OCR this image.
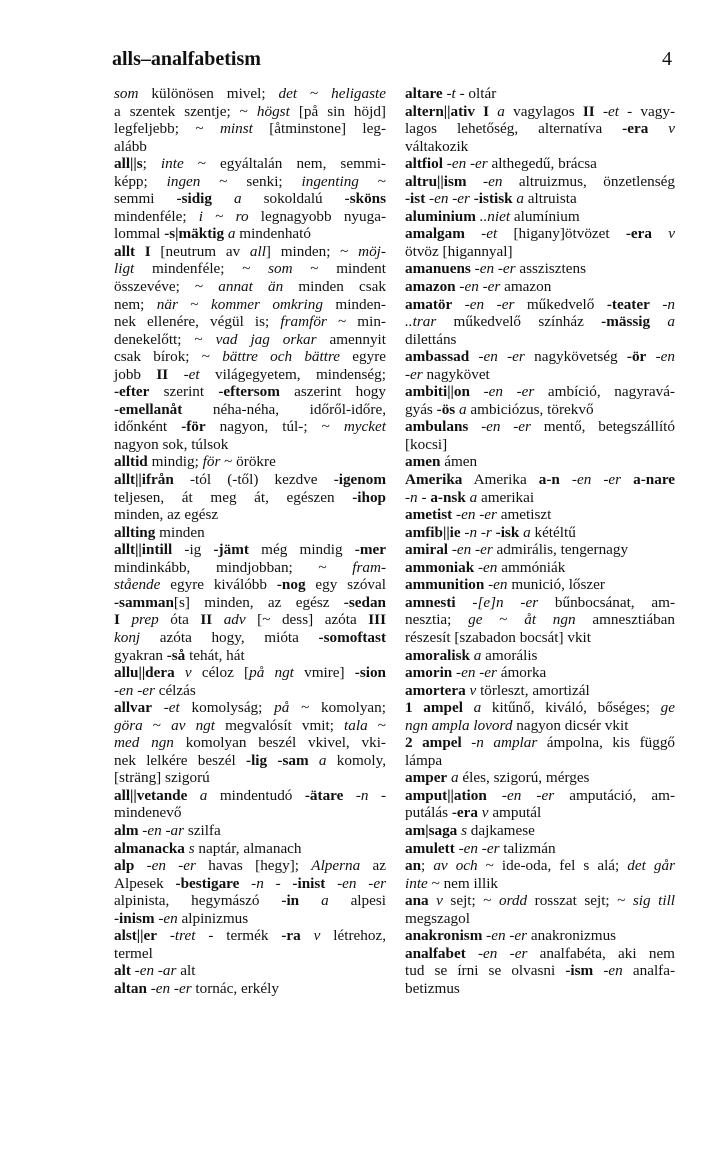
alls–analfabetism	4
som különösen mivel; det ~ heligaste
a szentek szentje; ~ högst [på sin höjd]
legfeljebb; ~ minst [åtminstone] leg-
alább
all||s; inte ~ egyáltalán nem, semmi-
képp; ingen ~ senki; ingenting ~
semmi -sidig a sokoldalú -sköns
mindenféle; i ~ ro legnagyobb nyuga-
lommal -s|mäktig a mindenható
allt I [neutrum av all] minden; ~ möj-
ligt mindenféle; ~ som ~ mindent
összevéve; ~ annat än minden csak
nem; när ~ kommer omkring minden-
nek ellenére, végül is; framför ~ min-
denekelőtt; ~ vad jag orkar amennyit
csak bírok; ~ bättre och bättre egyre
jobb II -et világegyetem, mindenség;
-efter szerint -eftersom aszerint hogy
-emellanåt néha-néha, időről-időre,
időnként -för nagyon, túl-; ~ mycket
nagyon sok, túlsok
alltid mindig; för ~ örökre
allt||ifrån -tól (-től) kezdve -igenom
teljesen, át meg át, egészen -ihop
minden, az egész
allting minden
allt||intill -ig -jämt még mindig -mer
mindinkább, mindjobban; ~ fram-
stående egyre kiválóbb -nog egy szóval
-samman[s] minden, az egész -sedan
I prep óta II adv [~ dess] azóta III
konj azóta hogy, mióta -somoftast
gyakran -så tehát, hát
allu||dera v céloz [på ngt vmire] -sion
-en -er célzás
allvar -et komolyság; på ~ komolyan;
göra ~ av ngt megvalósít vmit; tala ~
med ngn komolyan beszél vkivel, vki-
nek lelkére beszél -lig -sam a komoly,
[sträng] szigorú
all||vetande a mindentudó -ätare -n -
mindenevő
alm -en -ar szilfa
almanacka s naptár, almanach
alp -en -er havas [hegy]; Alperna az
Alpesek -bestigare -n - -inist -en -er
alpinista, hegymászó -in a alpesi
-inism -en alpinizmus
alst||er -tret - termék -ra v létrehoz,
termel
alt -en -ar alt
altan -en -er tornác, erkély
altare -t - oltár
altern||ativ I a vagylagos II -et - vagy-
lagos lehetőség, alternatíva -era v
váltakozik
altfiol -en -er althegedű, brácsa
altru||ism -en altruizmus, önzetlenség
-ist -en -er -istisk a altruista
aluminium ..niet alumínium
amalgam -et [higany]ötvözet -era v
ötvöz [higannyal]
amanuens -en -er asszisztens
amazon -en -er amazon
amatör -en -er műkedvelő -teater -n
..trar műkedvelő színház -mässig a
dilettáns
ambassad -en -er nagykövetség -ör -en
-er nagykövet
ambiti||on -en -er ambíció, nagyravá-
gyás -ös a ambiciózus, törekvő
ambulans -en -er mentő, betegszállító
[kocsi]
amen ámen
Amerika Amerika a-n -en -er a-nare
-n - a-nsk a amerikai
ametist -en -er ametiszt
amfib||ie -n -r -isk a kétéltű
amiral -en -er admirális, tengernagy
ammoniak -en ammóniák
ammunition -en munició, lőszer
amnesti -[e]n -er bűnbocsánat, am-
nesztia; ge ~ åt ngn amnesztiában
részesít [szabadon bocsát] vkit
amoralisk a amorális
amorin -en -er ámorka
amortera v törleszt, amortizál
1 ampel a kitűnő, kiváló, bőséges; ge
ngn ampla lovord nagyon dicsér vkit
2 ampel -n amplar ámpolna, kis függő
lámpa
amper a éles, szigorú, mérges
amput||ation -en -er amputáció, am-
putálás -era v amputál
am|saga s dajkamese
amulett -en -er talizmán
an; av och ~ ide-oda, fel s alá; det går
inte ~ nem illik
ana v sejt; ~ ordd rosszat sejt; ~ sig till
megszagol
anakronism -en -er anakronizmus
analfabet -en -er analfabéta, aki nem
tud se írni se olvasni -ism -en analfa-
betizmus
